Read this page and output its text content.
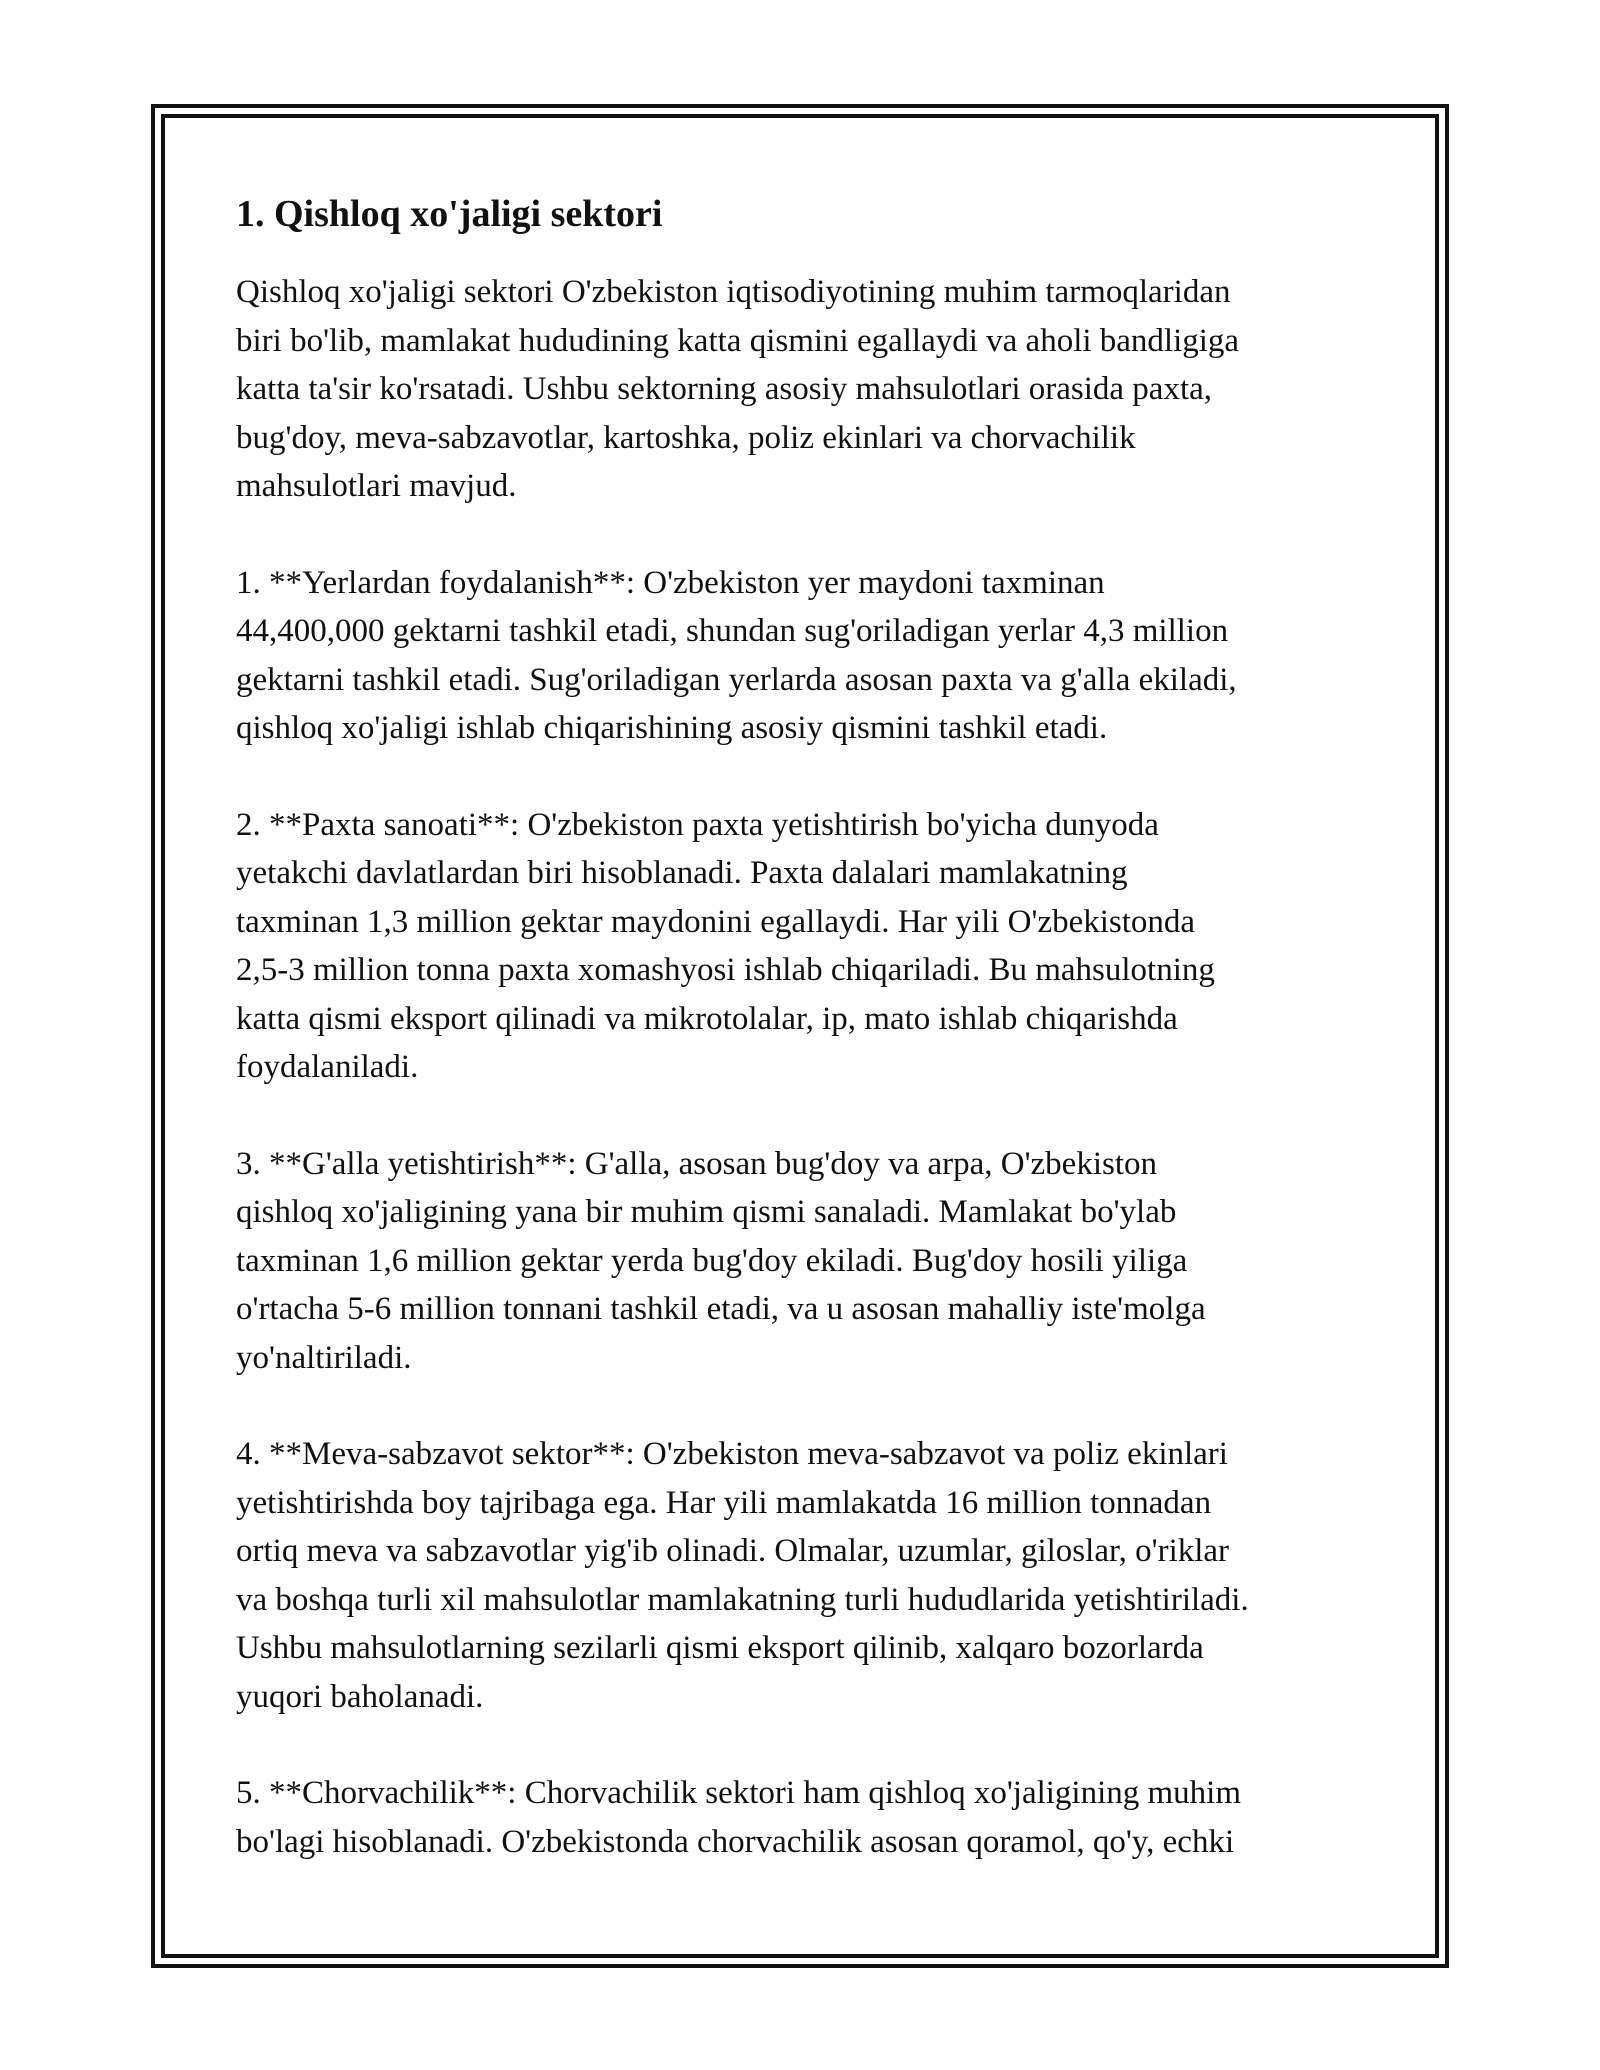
1. Qishloq xo'jaligi sektori

Qishloq xo'jaligi sektori O'zbekiston iqtisodiyotining muhim tarmoqlaridan
biri bo'lib, mamlakat hududining katta qismini egallaydi va aholi bandligiga
katta ta'sir ko'rsatadi. Ushbu sektorning asosiy mahsulotlari orasida paxta,
bug'doy, meva-sabzavotlar, kartoshka, poliz ekinlari va chorvachilik
mahsulotlari mavjud.

1. **Yerlardan foydalanish**: O'zbekiston yer maydoni taxminan
44,400,000 gektarni tashkil etadi, shundan sug'oriladigan yerlar 4,3 million
gektarni tashkil etadi. Sug'oriladigan yerlarda asosan paxta va g'alla ekiladi,
qishloq xo'jaligi ishlab chiqarishining asosiy qismini tashkil etadi.

2. **Paxta sanoati**: O'zbekiston paxta yetishtirish bo'yicha dunyoda
yetakchi davlatlardan biri hisoblanadi. Paxta dalalari mamlakatning
taxminan 1,3 million gektar maydonini egallaydi. Har yili O'zbekistonda
2,5-3 million tonna paxta xomashyosi ishlab chiqariladi. Bu mahsulotning
katta qismi eksport qilinadi va mikrotolalar, ip, mato ishlab chiqarishda
foydalaniladi.

3. **G'alla yetishtirish**: G'alla, asosan bug'doy va arpa, O'zbekiston
qishloq xo'jaligining yana bir muhim qismi sanaladi. Mamlakat bo'ylab
taxminan 1,6 million gektar yerda bug'doy ekiladi. Bug'doy hosili yiliga
o'rtacha 5-6 million tonnani tashkil etadi, va u asosan mahalliy iste'molga
yo'naltiriladi.

4. **Meva-sabzavot sektor**: O'zbekiston meva-sabzavot va poliz ekinlari
yetishtirishda boy tajribaga ega. Har yili mamlakatda 16 million tonnadan
ortiq meva va sabzavotlar yig'ib olinadi. Olmalar, uzumlar, giloslar, o'riklar
va boshqa turli xil mahsulotlar mamlakatning turli hududlarida yetishtiriladi.
Ushbu mahsulotlarning sezilarli qismi eksport qilinib, xalqaro bozorlarda
yuqori baholanadi.

5. **Chorvachilik**: Chorvachilik sektori ham qishloq xo'jaligining muhim
bo'lagi hisoblanadi. O'zbekistonda chorvachilik asosan qoramol, qo'y, echki
